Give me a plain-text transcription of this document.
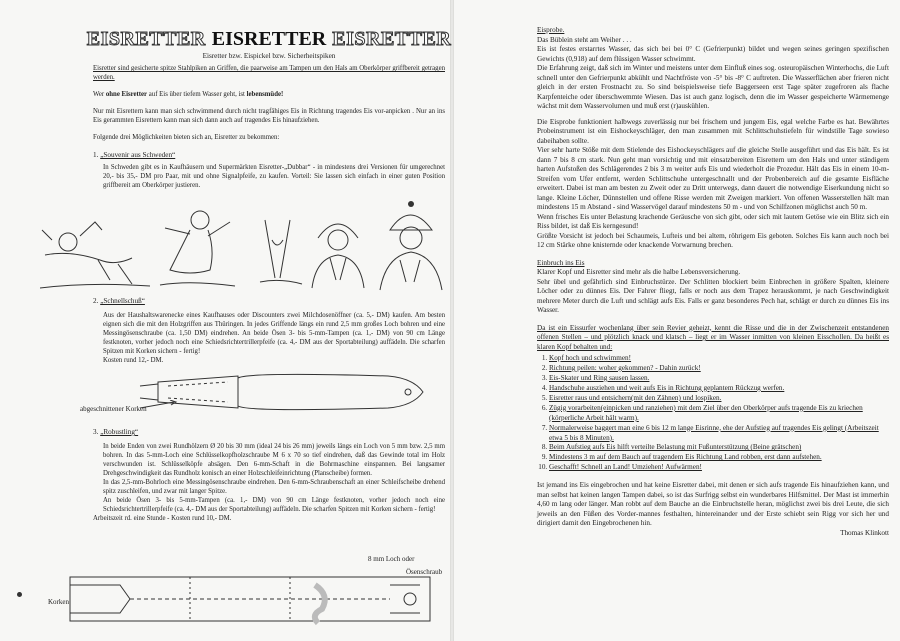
EISRETTER EISRETTER EISRETTER
Eisretter bzw. Eispickel bzw. Sicherheitspiken

Eisretter sind gesicherte spitze Stahlpiken an Griffen, die paarweise am Tampen um den Hals am Oberkörper griffbereit getragen werden.

Wer ohne Eisretter auf Eis über tiefem Wasser geht, ist lebensmüde!

Nur mit Eisrettern kann man sich schwimmend durch nicht tragfähiges Eis in Richtung tragendes Eis vor-anpicken . Nur an ins Eis gerammten Eisrettern kann man sich dann auch auf tragendes Eis hinaufziehen.

Folgende drei Möglichkeiten bieten sich an, Eisretter zu bekommen:

1. „Souvenir aus Schweden“

In Schweden gibt es in Kaufhäusern und Supermärkten Eisretter-„Dubbar“ - in mindestens drei Versionen für umgerechnet 20,- bis 35,- DM pro Paar, mit und ohne Signalpfeife, zu kaufen. Vorteil: Sie lassen sich einfach in einer guten Position griffbereit am Oberkörper justieren.

2. „Schnellschuß“

Aus der Haushaltswarenecke eines Kaufhauses oder Discounters zwei Milchdosenöffner (ca. 5,- DM) kaufen. Am besten eignen sich die mit den Holzgriffen aus Thüringen. In jedes Griffende längs ein rund 2,5 mm großes Loch bohren und eine Messingösenschraube (ca. 1,50 DM) eindrehen. An beide Ösen 3- bis 5-mm-Tampen (ca. 1,- DM) von 90 cm Länge festknoten, vorher jedoch noch eine Schiedsrichtertrillerpfeife (ca. 4,- DM aus der Sportabteilung) auffädeln. Die scharfen Spitzen mit Korken sichern - fertig!

Kosten rund 12,- DM.

abgeschnittener Korken
3. „Robustling“

In beide Enden von zwei Rundhölzern Ø 20 bis 30 mm (ideal 24 bis 26 mm) jeweils längs ein Loch von 5 mm bzw. 2,5 mm bohren. In das 5-mm-Loch eine Schlüsselkopfholzschraube M 6 x 70 so tief eindrehen, daß das Gewinde total im Holz verschwunden ist. Schlüsselköpfe absägen. Den 6-mm-Schaft in die Bohrmaschine einspannen. Bei langsamer Drehgeschwindigkeit das Rundholz konisch an einer Holzschleifeinrichtung (Planscheibe) formen.
In das 2,5-mm-Bohrloch eine Messingösenschraube eindrehen. Den 6-mm-Schraubenschaft an einer Schleifscheibe drehend spitz zuschleifen, und zwar mit langer Spitze.
An beide Ösen 3- bis 5-mm-Tampen (ca. 1,- DM) von 90 cm Länge festknoten, vorher jedoch noch eine Schiedsrichtertrillerpfeife (ca. 4,- DM aus der Sportabteilung) auffädeln. Die scharfen Spitzen mit Korken sichern - fertig!

Arbeitszeit rd. eine Stunde - Kosten rund 10,- DM.

8 mm Loch oder
Ösenschraub
Korken

Eisprobe.

Das Büblein steht am Weiher . . .
Eis ist festes erstarrtes Wasser, das sich bei bei 0° C (Gefrierpunkt) bildet und wegen seines geringen spezifischen Gewichts (0,918) auf dem flüssigen Wasser schwimmt.
Die Erfahrung zeigt, daß sich im Winter und meistens unter dem Einfluß eines sog. osteuropäischen Winterhochs, die Luft schnell unter den Gefrierpunkt abkühlt und Nachtfröste von -5° bis -8° C auftreten. Die Wasserflächen aber frieren nicht gleich in der ersten Frostnacht zu. So sind beispielsweise tiefe Baggerseen erst Tage später zugefroren als flache Karpfenteiche oder überschwemmte Wiesen. Das ist auch ganz logisch, denn die im Wasser gespeicherte Wärmemenge wächst mit dem Wasservolumen und muß erst (r)auskühlen.

Die Eisprobe funktioniert halbwegs zuverlässig nur bei frischem und jungem Eis, egal welche Farbe es hat. Bewährtes Probeinstrument ist ein Eishockeyschläger, den man zusammen mit Schlittschuhstiefeln für windstille Tage sowieso dabeihaben sollte.
Vier sehr harte Stöße mit dem Stielende des Eishockeyschlägers auf die gleiche Stelle ausgeführt und das Eis hält. Es ist dann 7 bis 8 cm stark. Nun geht man vorsichtig und mit einsatzbereiten Eisrettern um den Hals und unter ständigem harten Aufstoßen des Schlägerendes 2 bis 3 m weiter aufs Eis und wiederholt die Prozedur. Hält das Eis in einem 10-m-Streifen vom Ufer entfernt, werden Schlittschuhe untergeschnallt und der Probenbereich auf die gesamte Eisfläche erweitert. Dabei ist man am besten zu Zweit oder zu Dritt unterwegs, dann dauert die notwendige Eiserkundung nicht so lange. Kleine Löcher, Dünnstellen und offene Risse werden mit Zweigen markiert. Von offenen Wasserstellen hält man mindestens 15 m Abstand - sind Wasservögel darauf mindestens 50 m - und von Schilfzonen möglichst auch 50 m.
Wenn frisches Eis unter Belastung krachende Geräusche von sich gibt, oder sich mit lautem Getöse wie ein Blitz sich ein Riss bildet, ist daß Eis kerngesund!
Größte Vorsicht ist jedoch bei Schaumeis, Lufteis und bei altem, röhrigem Eis geboten. Solches Eis kann auch noch bei 12 cm Stärke ohne knisternde oder knackende Vorwarnung brechen.

Einbruch ins Eis

Klarer Kopf und Eisretter sind mehr als die halbe Lebensversicherung.
Sehr übel und gefährlich sind Einbruchstürze. Der Schlitten blockiert beim Einbrechen in größere Spalten, kleinere Löcher oder zu dünnes Eis. Der Fahrer fliegt, falls er noch aus dem Trapez herauskommt, je nach Geschwindigkeit mehrere Meter durch die Luft und schlägt aufs Eis. Falls er ganz besonderes Pech hat, schlägt er durch zu dünnes Eis ins Wasser.

Da ist ein Eissurfer wochenlang über sein Revier geheizt, kennt die Risse und die in der Zwischenzeit entstandenen offenen Stellen – und plötzlich knack und klatsch – liegt er im Wasser inmitten von kleinen Eisschollen. Da heißt es klaren Kopf behalten und:

1. Kopf hoch und schwimmen!
2. Richtung peilen: woher gekommen? - Dahin zurück!
3. Eis-Skater und Ring sausen lassen.
4. Handschuhe ausziehen und weit aufs Eis in Richtung geplantem Rückzug werfen.
5. Eisretter raus und entsichern(mit den Zähnen) und lospiken.
6. Zügig vorarbeiten(einpicken und ranziehen) mit dem Ziel über den Oberkörper aufs tragende Eis zu kriechen (körperliche Arbeit hält warm).
7. Normalerweise baggert man eine 6 bis 12 m lange Eisrinne, ehe der Aufstieg auf tragendes Eis gelingt (Arbeitszeit etwa 5 bis 8 Minuten).
8. Beim Aufstieg aufs Eis hilft verteilte Belastung mit Fußunterstützung (Beine grätschen)
9. Mindestens 3 m auf dem Bauch auf tragendem Eis Richtung Land robben, erst dann aufstehen.
10. Geschafft! Schnell an Land! Umziehen! Aufwärmen!

Ist jemand ins Eis eingebrochen und hat keine Eisretter dabei, mit denen er sich aufs tragende Eis hinaufziehen kann, und man selbst hat keinen langen Tampen dabei, so ist das Surfrigg selbst ein wunderbares Hilfsmittel. Der Mast ist immerhin 4,60 m lang oder länger. Man robbt auf dem Bauche an die Einbruchstelle heran, möglichst zwei bis drei Leute, die sich jeweils an den Füßen des Vorder-mannes festhalten, hintereinander und der Erste schiebt sein Rigg vor sich her und dirigiert damit den Eingebrochenen hin.

Thomas Klinkott
